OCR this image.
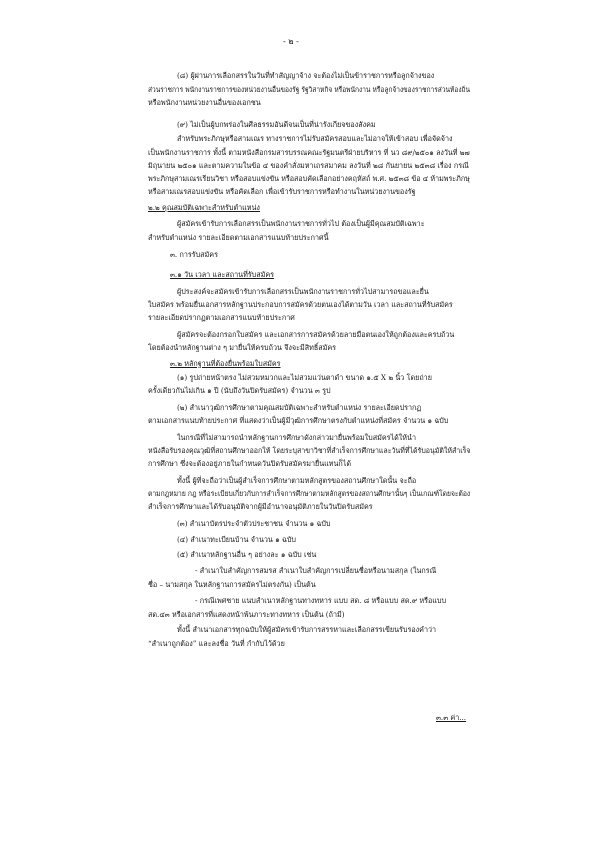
- ๒ -

(๘) ผู้ผ่านการเลือกสรรในวันที่ทำสัญญาจ้าง จะต้องไม่เป็นข้าราชการหรือลูกจ้างของ

ส่วนราชการ พนักงานราชการของหน่วยงานอื่นของรัฐ รัฐวิสาหกิจ หรือพนักงาน หรือลูกจ้างของราชการส่วนท้องถิ่น

หรือพนักงานหน่วยงานอื่นของเอกชน

(๙) ไม่เป็นผู้บกพร่องในศีลธรรมอันดีจนเป็นที่น่ารังเกียจของสังคม

สำหรับพระภิกษุหรือสามเณร ทางราชการไม่รับสมัครสอบและไม่อาจให้เข้าสอบ เพื่อจัดจ้าง

เป็นพนักงานราชการ ทั้งนี้ ตามหนังสือกรมสารบรรณคณะรัฐมนตรีฝ่ายบริหาร ที่ นว ๘๙/๒๕๐๑ ลงวันที่ ๒๗

มิถุนายน ๒๕๐๑ และตามความในข้อ ๔ ของคำสั่งมหาเถรสมาคม ลงวันที่ ๒๘ กันยายน ๒๕๓๘ เรื่อง กรณี

พระภิกษุสามเณรเรียนวิชา หรือสอบแข่งขัน หรือสอบคัดเลือกอย่างคฤหัสถ์ พ.ศ. ๒๕๓๘ ข้อ ๔ ห้ามพระภิกษุ

หรือสามเณรสอบแข่งขัน หรือคัดเลือก เพื่อเข้ารับราชการหรือทำงานในหน่วยงานของรัฐ

๒.๒ คุณสมบัติเฉพาะสำหรับตำแหน่ง

ผู้สมัครเข้ารับการเลือกสรรเป็นพนักงานราชการทั่วไป ต้องเป็นผู้มีคุณสมบัติเฉพาะ

สำหรับตำแหน่ง รายละเอียดตามเอกสารแนบท้ายประกาศนี้

๓. การรับสมัคร

๓.๑ วัน เวลา และสถานที่รับสมัคร

ผู้ประสงค์จะสมัครเข้ารับการเลือกสรรเป็นพนักงานราชการทั่วไปสามารถขอและยื่น

ใบสมัคร พร้อมยื่นเอกสารหลักฐานประกอบการสมัครด้วยตนเองได้ตามวัน เวลา และสถานที่รับสมัคร

รายละเอียดปรากฏตามเอกสารแนบท้ายประกาศ

ผู้สมัครจะต้องกรอกใบสมัคร และเอกสารการสมัครด้วยลายมือตนเองให้ถูกต้องและครบถ้วน

โดยต้องนำหลักฐานต่าง ๆ มายื่นให้ครบถ้วน จึงจะมีสิทธิ์สมัคร

๓.๒ หลักฐานที่ต้องยื่นพร้อมใบสมัคร

(๑) รูปถ่ายหน้าตรง ไม่สวมหมวกและไม่สวมแว่นตาดำ ขนาด ๑.๕ X ๒ นิ้ว โดยถ่าย

ครั้งเดียวกันไม่เกิน ๑ ปี (นับถึงวันปิดรับสมัคร) จำนวน ๓ รูป

(๒) สำเนาวุฒิการศึกษาตามคุณสมบัติเฉพาะสำหรับตำแหน่ง รายละเอียดปรากฏ

ตามเอกสารแนบท้ายประกาศ ที่แสดงว่าเป็นผู้มีวุฒิการศึกษาตรงกับตำแหน่งที่สมัคร จำนวน ๑ ฉบับ

ในกรณีที่ไม่สามารถนำหลักฐานการศึกษาดังกล่าวมายื่นพร้อมใบสมัครได้ให้นำ

หนังสือรับรองคุณวุฒิที่สถานศึกษาออกให้ โดยระบุสาขาวิชาที่สำเร็จการศึกษาและวันที่ที่ได้รับอนุมัติให้สำเร็จ

การศึกษา ซึ่งจะต้องอยู่ภายในกำหนดวันปิดรับสมัครมายื่นแทนก็ได้

ทั้งนี้ ผู้ที่จะถือว่าเป็นผู้สำเร็จการศึกษาตามหลักสูตรของสถานศึกษาใดนั้น จะถือ

ตามกฎหมาย กฎ หรือระเบียบเกี่ยวกับการสำเร็จการศึกษาตามหลักสูตรของสถานศึกษานั้นๆ เป็นเกณฑ์โดยจะต้อง

สำเร็จการศึกษาและได้รับอนุมัติจากผู้มีอำนาจอนุมัติภายในวันปิดรับสมัคร

(๓) สำเนาบัตรประจำตัวประชาชน จำนวน ๑ ฉบับ

(๔) สำเนาทะเบียนบ้าน จำนวน ๑ ฉบับ

(๕) สำเนาหลักฐานอื่น ๆ อย่างละ ๑ ฉบับ เช่น

- สำเนาใบสำคัญการสมรส สำเนาใบสำคัญการเปลี่ยนชื่อหรือนามสกุล (ในกรณี

ชื่อ – นามสกุล ในหลักฐานการสมัครไม่ตรงกัน) เป็นต้น

- กรณีเพศชาย แนบสำเนาหลักฐานทางทหาร แบบ สด. ๘ หรือแบบ สด.๙ หรือแบบ

สด.๔๓ หรือเอกสารที่แสดงหน้าพ้นภาระทางทหาร เป็นต้น (ถ้ามี)

ทั้งนี้ สำเนาเอกสารทุกฉบับให้ผู้สมัครเข้ารับการสรรหาและเลือกสรรเขียนรับรองคำว่า

“สำเนาถูกต้อง” และลงชื่อ วันที่ กำกับไว้ด้วย

๓.๓ ค่า...
